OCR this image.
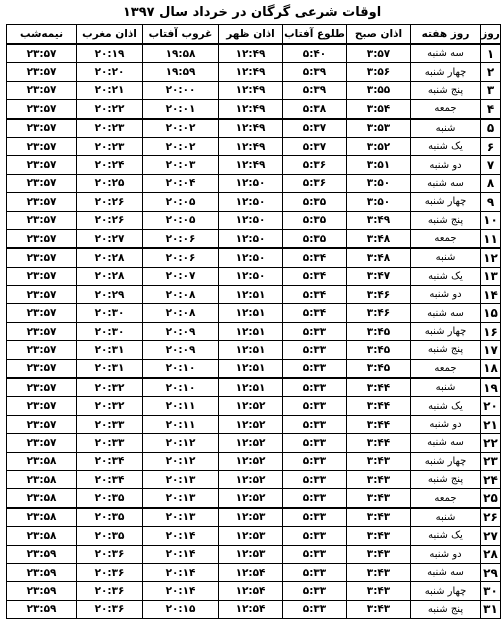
اوقات شرعی گرگان در خرداد سال ۱۳۹۷
روز	روز هفته	اذان صبح	طلوع آفتاب	اذان ظهر	غروب آفتاب	اذان مغرب	نیمه‌شب
۱	سه شنبه	۳:۵۷	۵:۴۰	۱۲:۴۹	۱۹:۵۸	۲۰:۱۹	۲۳:۵۷
۲	چهار شنبه	۳:۵۶	۵:۳۹	۱۲:۴۹	۱۹:۵۹	۲۰:۲۰	۲۳:۵۷
۳	پنج شنبه	۳:۵۵	۵:۳۹	۱۲:۴۹	۲۰:۰۰	۲۰:۲۱	۲۳:۵۷
۴	جمعه	۳:۵۴	۵:۳۸	۱۲:۴۹	۲۰:۰۱	۲۰:۲۲	۲۳:۵۷
۵	شنبه	۳:۵۳	۵:۳۷	۱۲:۴۹	۲۰:۰۲	۲۰:۲۳	۲۳:۵۷
۶	یک شنبه	۳:۵۲	۵:۳۷	۱۲:۴۹	۲۰:۰۲	۲۰:۲۳	۲۳:۵۷
۷	دو شنبه	۳:۵۱	۵:۳۶	۱۲:۴۹	۲۰:۰۳	۲۰:۲۴	۲۳:۵۷
۸	سه شنبه	۳:۵۰	۵:۳۶	۱۲:۵۰	۲۰:۰۴	۲۰:۲۵	۲۳:۵۷
۹	چهار شنبه	۳:۵۰	۵:۳۵	۱۲:۵۰	۲۰:۰۵	۲۰:۲۶	۲۳:۵۷
۱۰	پنج شنبه	۳:۴۹	۵:۳۵	۱۲:۵۰	۲۰:۰۵	۲۰:۲۶	۲۳:۵۷
۱۱	جمعه	۳:۴۸	۵:۳۵	۱۲:۵۰	۲۰:۰۶	۲۰:۲۷	۲۳:۵۷
۱۲	شنبه	۳:۴۸	۵:۳۴	۱۲:۵۰	۲۰:۰۶	۲۰:۲۸	۲۳:۵۷
۱۳	یک شنبه	۳:۴۷	۵:۳۴	۱۲:۵۰	۲۰:۰۷	۲۰:۲۸	۲۳:۵۷
۱۴	دو شنبه	۳:۴۶	۵:۳۴	۱۲:۵۱	۲۰:۰۸	۲۰:۲۹	۲۳:۵۷
۱۵	سه شنبه	۳:۴۶	۵:۳۴	۱۲:۵۱	۲۰:۰۸	۲۰:۳۰	۲۳:۵۷
۱۶	چهار شنبه	۳:۴۵	۵:۳۳	۱۲:۵۱	۲۰:۰۹	۲۰:۳۰	۲۳:۵۷
۱۷	پنج شنبه	۳:۴۵	۵:۳۳	۱۲:۵۱	۲۰:۰۹	۲۰:۳۱	۲۳:۵۷
۱۸	جمعه	۳:۴۵	۵:۳۳	۱۲:۵۱	۲۰:۱۰	۲۰:۳۱	۲۳:۵۷
۱۹	شنبه	۳:۴۴	۵:۳۳	۱۲:۵۱	۲۰:۱۰	۲۰:۳۲	۲۳:۵۷
۲۰	یک شنبه	۳:۴۴	۵:۳۳	۱۲:۵۲	۲۰:۱۱	۲۰:۳۲	۲۳:۵۷
۲۱	دو شنبه	۳:۴۴	۵:۳۳	۱۲:۵۲	۲۰:۱۱	۲۰:۳۳	۲۳:۵۷
۲۲	سه شنبه	۳:۴۴	۵:۳۳	۱۲:۵۲	۲۰:۱۲	۲۰:۳۳	۲۳:۵۷
۲۳	چهار شنبه	۳:۴۳	۵:۳۳	۱۲:۵۲	۲۰:۱۲	۲۰:۳۴	۲۳:۵۸
۲۴	پنج شنبه	۳:۴۳	۵:۳۳	۱۲:۵۲	۲۰:۱۳	۲۰:۳۴	۲۳:۵۸
۲۵	جمعه	۳:۴۳	۵:۳۳	۱۲:۵۲	۲۰:۱۳	۲۰:۳۵	۲۳:۵۸
۲۶	شنبه	۳:۴۳	۵:۳۳	۱۲:۵۳	۲۰:۱۳	۲۰:۳۵	۲۳:۵۸
۲۷	یک شنبه	۳:۴۳	۵:۳۳	۱۲:۵۳	۲۰:۱۴	۲۰:۳۵	۲۳:۵۸
۲۸	دو شنبه	۳:۴۳	۵:۳۳	۱۲:۵۳	۲۰:۱۴	۲۰:۳۶	۲۳:۵۹
۲۹	سه شنبه	۳:۴۳	۵:۳۳	۱۲:۵۴	۲۰:۱۴	۲۰:۳۶	۲۳:۵۹
۳۰	چهار شنبه	۳:۴۳	۵:۳۳	۱۲:۵۴	۲۰:۱۴	۲۰:۳۶	۲۳:۵۹
۳۱	پنج شنبه	۳:۴۳	۵:۳۳	۱۲:۵۴	۲۰:۱۵	۲۰:۳۶	۲۳:۵۹
